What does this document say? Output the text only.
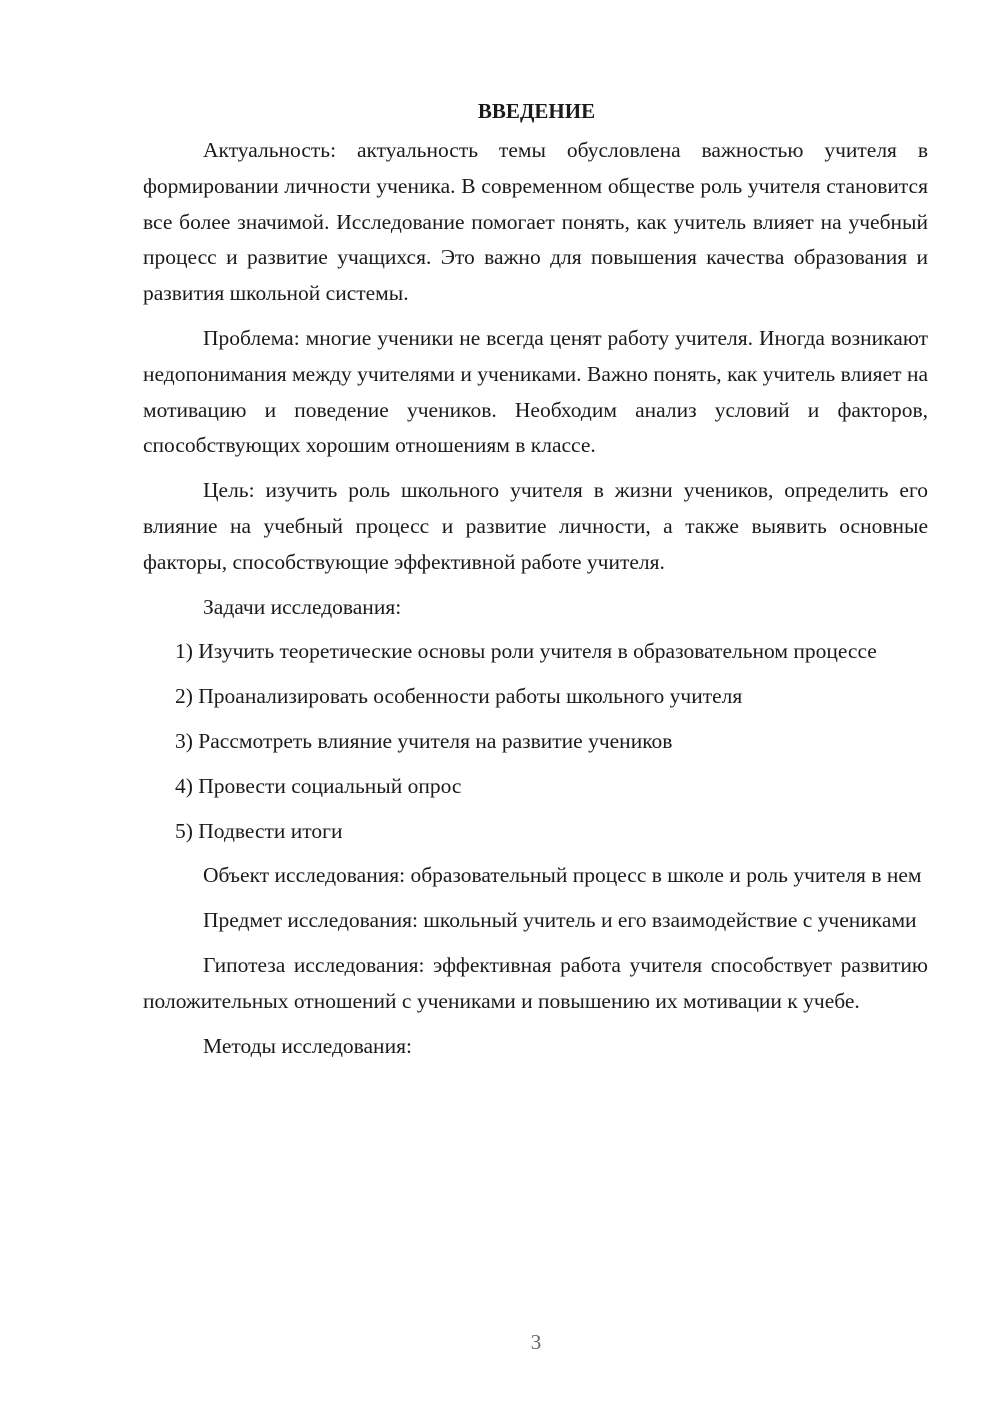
ВВЕДЕНИЕ

Актуальность: актуальность темы обусловлена важностью учителя в формировании личности ученика. В современном обществе роль учителя становится все более значимой. Исследование помогает понять, как учитель влияет на учебный процесс и развитие учащихся. Это важно для повышения качества образования и развития школьной системы.

Проблема: многие ученики не всегда ценят работу учителя. Иногда возникают недопонимания между учителями и учениками. Важно понять, как учитель влияет на мотивацию и поведение учеников. Необходим анализ условий и факторов, способствующих хорошим отношениям в классе.

Цель: изучить роль школьного учителя в жизни учеников, определить его влияние на учебный процесс и развитие личности, а также выявить основные факторы, способствующие эффективной работе учителя.

Задачи исследования:

1) Изучить теоретические основы роли учителя в образовательном процессе

2) Проанализировать особенности работы школьного учителя

3) Рассмотреть влияние учителя на развитие учеников

4) Провести социальный опрос

5) Подвести итоги

Объект исследования: образовательный процесс в школе и роль учителя в нем

Предмет исследования: школьный учитель и его взаимодействие с учениками

Гипотеза исследования: эффективная работа учителя способствует развитию положительных отношений с учениками и повышению их мотивации к учебе.

Методы исследования:

3
